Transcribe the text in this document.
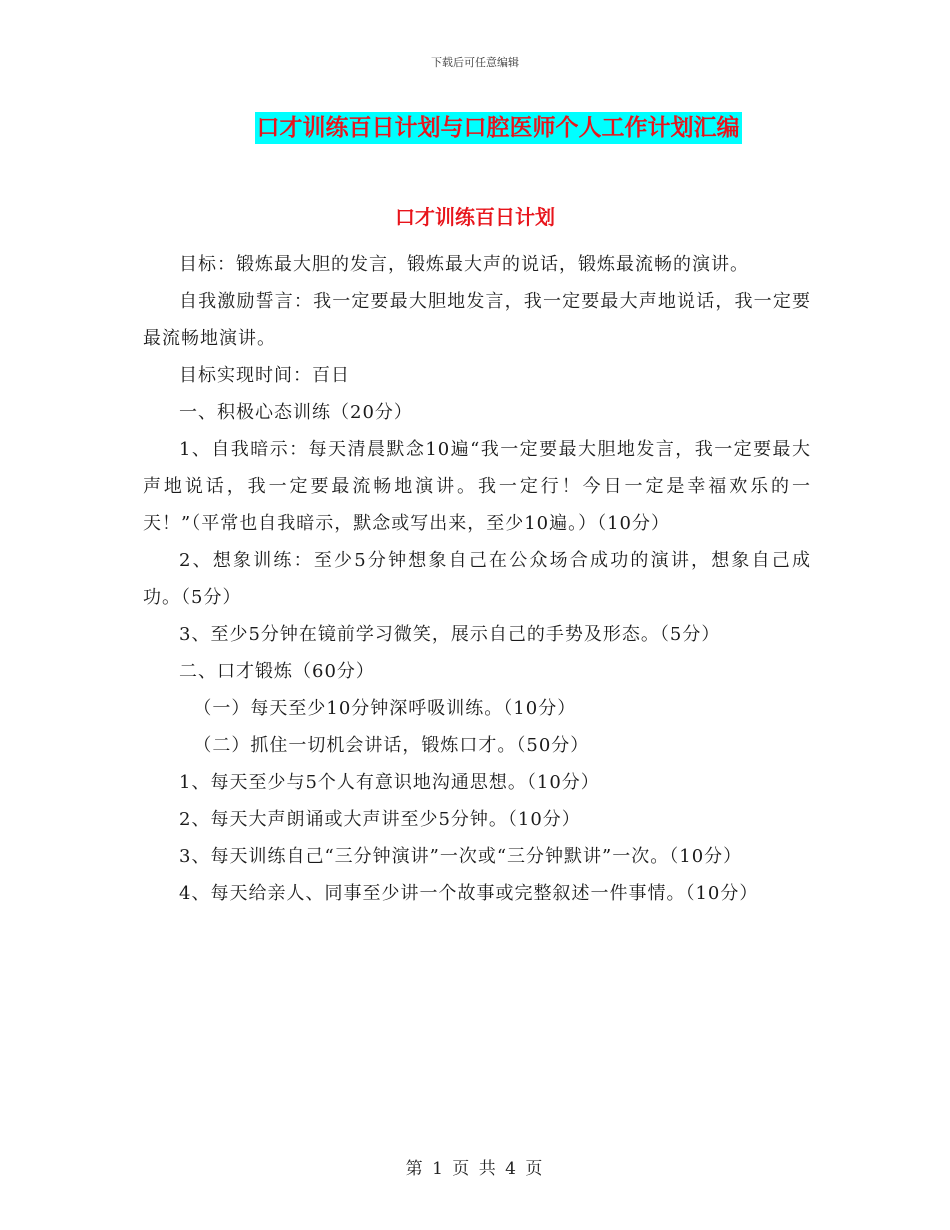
下载后可任意编辑
口才训练百日计划与口腔医师个人工作计划汇编
口才训练百日计划

目标：锻炼最大胆的发言，锻炼最大声的说话，锻炼最流畅的演讲。

自我激励誓言：我一定要最大胆地发言，我一定要最大声地说话，我一定要最流畅地演讲。

目标实现时间：百日

一、积极心态训练（20分）

1、自我暗示：每天清晨默念10遍“我一定要最大胆地发言，我一定要最大声地说话，我一定要最流畅地演讲。我一定行！今日一定是幸福欢乐的一天！”（平常也自我暗示，默念或写出来，至少10遍。）（10分）

2、想象训练：至少5分钟想象自己在公众场合成功的演讲，想象自己成功。（5分）

3、至少5分钟在镜前学习微笑，展示自己的手势及形态。（5分）

二、口才锻炼（60分）

（一）每天至少10分钟深呼吸训练。（10分）

（二）抓住一切机会讲话，锻炼口才。（50分）

1、每天至少与5个人有意识地沟通思想。（10分）

2、每天大声朗诵或大声讲至少5分钟。（10分）

3、每天训练自己“三分钟演讲”一次或“三分钟默讲”一次。（10分）

4、每天给亲人、同事至少讲一个故事或完整叙述一件事情。（10分）

第 1 页 共 4 页
